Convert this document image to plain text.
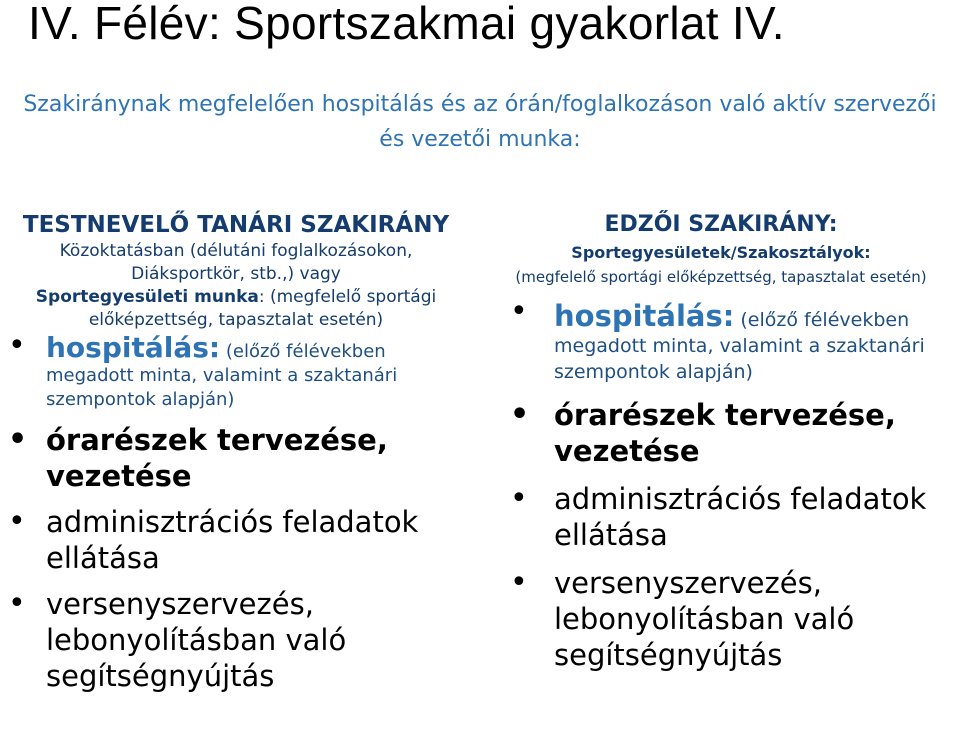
IV. Félév: Sportszakmai gyakorlat IV.

Szakiránynak megfelelően hospitálás és az órán/foglalkozáson való aktív szervezői és vezetői munka:

TESTNEVELŐ TANÁRI SZAKIRÁNY
Közoktatásban (délutáni foglalkozásokon, Diáksportkör, stb.,) vagy
Sportegyesületi munka: (megfelelő sportági előképzettség, tapasztalat esetén)
• hospitálás: (előző félévekben megadott minta, valamint a szaktanári szempontok alapján)
• órarészek tervezése, vezetése
• adminisztrációs feladatok ellátása
• versenyszervezés, lebonyolításban való segítségnyújtás
EDZŐI SZAKIRÁNY:
Sportegyesületek/Szakosztályok:
(megfelelő sportági előképzettség, tapasztalat esetén)
• hospitálás: (előző félévekben megadott minta, valamint a szaktanári szempontok alapján)
• órarészek tervezése, vezetése
• adminisztrációs feladatok ellátása
• versenyszervezés, lebonyolításban való segítségnyújtás
